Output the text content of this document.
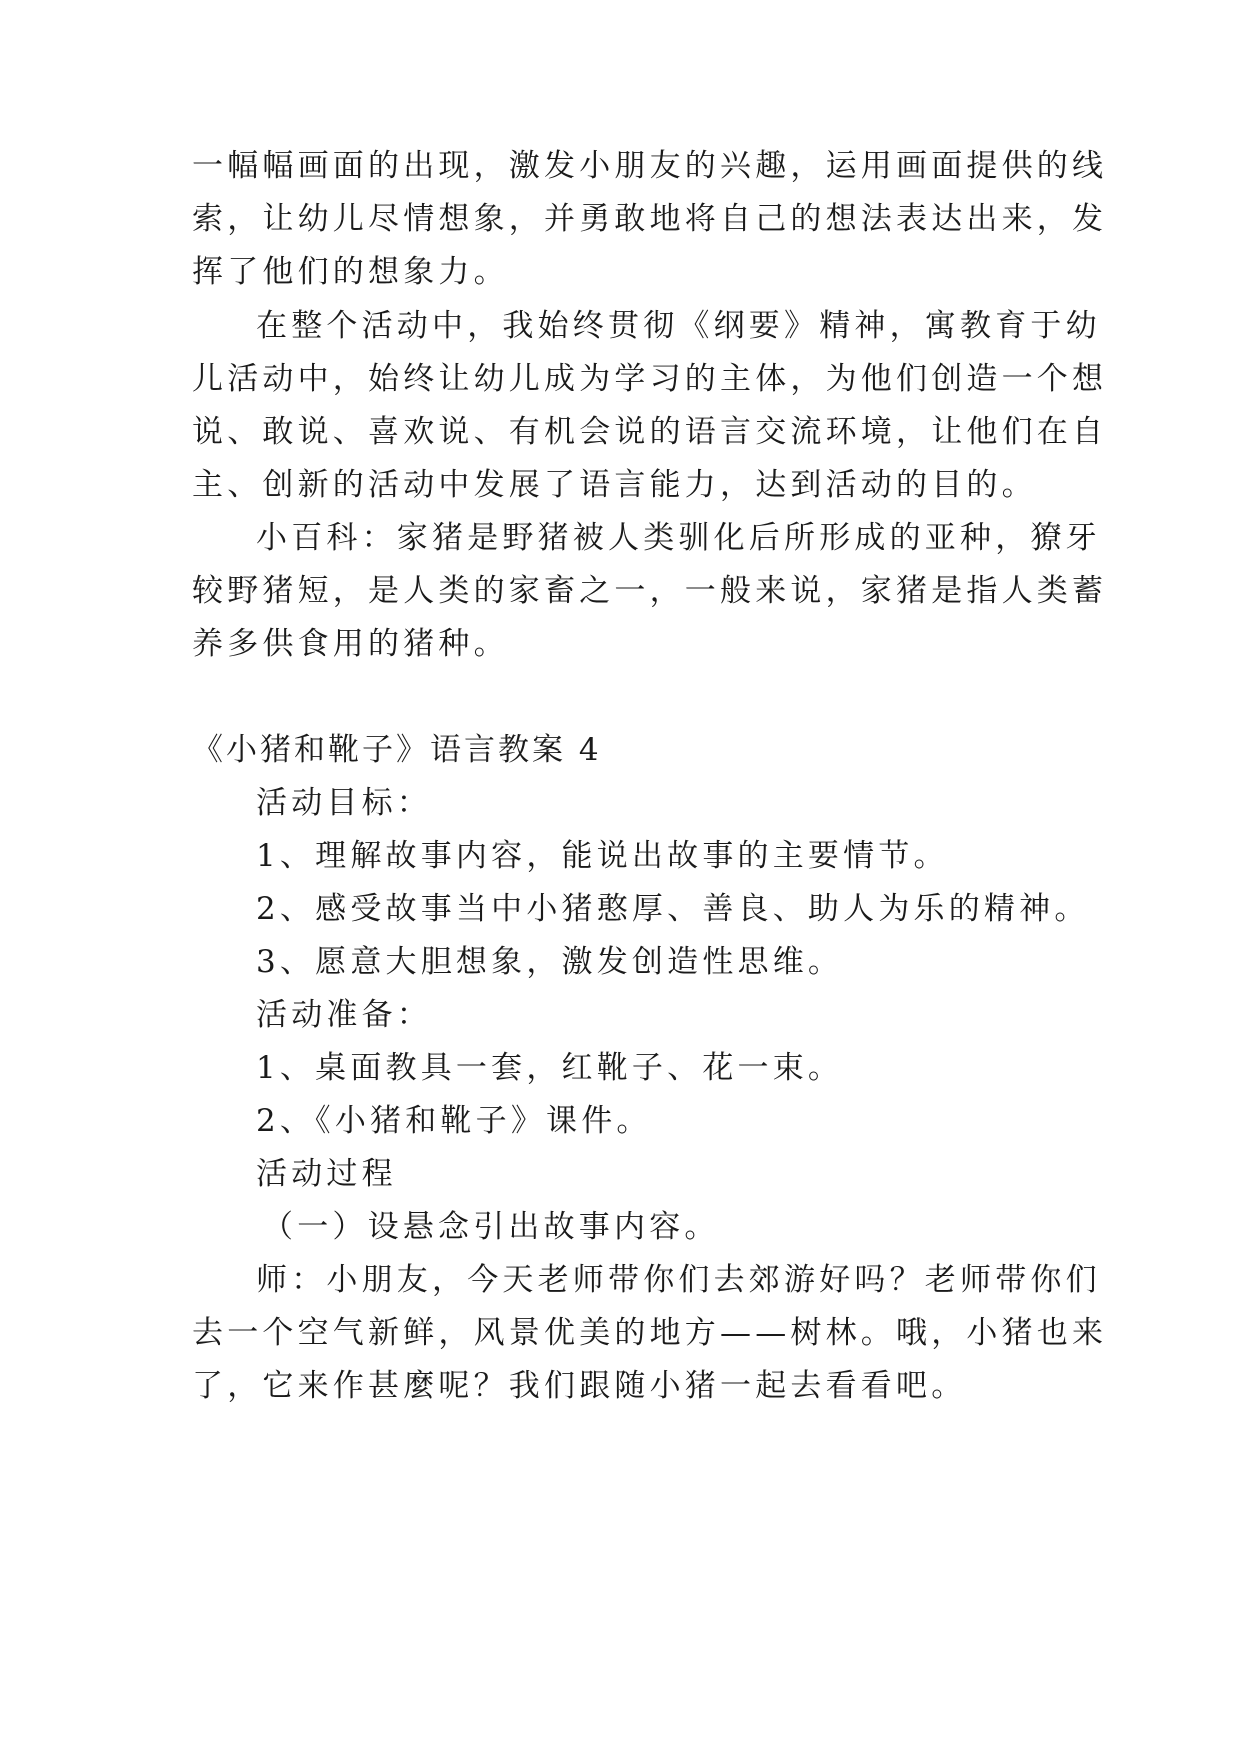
一幅幅画面的出现，激发小朋友的兴趣，运用画面提供的线
索，让幼儿尽情想象，并勇敢地将自己的想法表达出来，发
挥了他们的想象力。
在整个活动中，我始终贯彻《纲要》精神，寓教育于幼
儿活动中，始终让幼儿成为学习的主体，为他们创造一个想
说、敢说、喜欢说、有机会说的语言交流环境，让他们在自
主、创新的活动中发展了语言能力，达到活动的目的。
小百科：家猪是野猪被人类驯化后所形成的亚种，獠牙
较野猪短，是人类的家畜之一，一般来说，家猪是指人类蓄
养多供食用的猪种。
《小猪和靴子》语言教案 4
活动目标：
1、理解故事内容，能说出故事的主要情节。
2、感受故事当中小猪憨厚、善良、助人为乐的精神。
3、愿意大胆想象，激发创造性思维。
活动准备：
1、桌面教具一套，红靴子、花一束。
2、《小猪和靴子》课件。
活动过程
（一）设悬念引出故事内容。
师：小朋友，今天老师带你们去郊游好吗？老师带你们
去一个空气新鲜，风景优美的地方——树林。哦，小猪也来
了，它来作甚麼呢？我们跟随小猪一起去看看吧。
